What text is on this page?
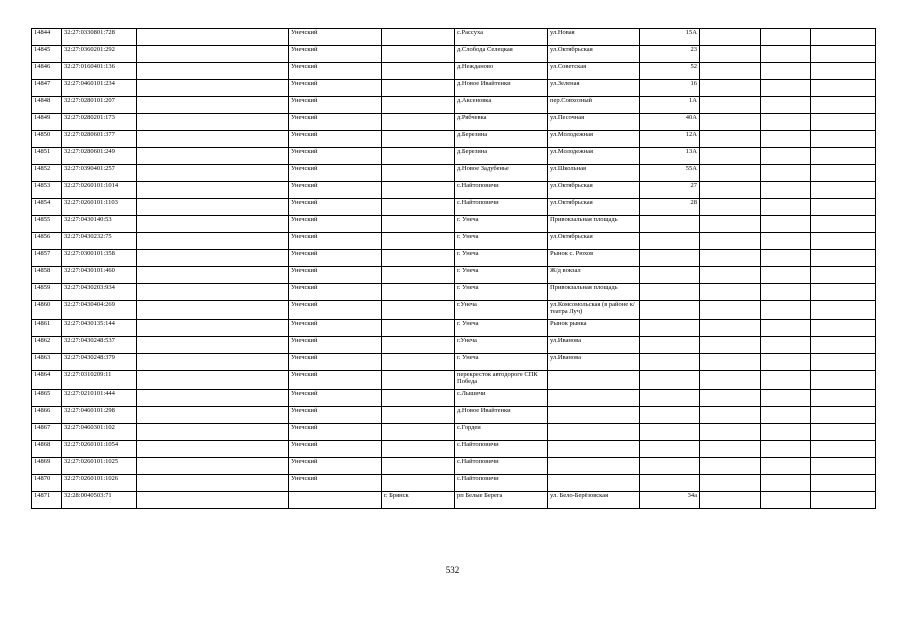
14844	32:27:0330801:728		Унечский		с.Рассуха	ул.Новая	15А			
14845	32:27:0360201:292		Унечский		д.Слобода Селецкая	ул.Октябрьская	23			
14846	32:27:0160401:136		Унечский		д.Нежданово	ул.Советская	52			
14847	32:27:0460101:234		Унечский		д.Новое Ивайтенки	ул.Зеленая	16			
14848	32:27:0280101:207		Унечский		д.Аксеновка	пер.Совхозный	1А			
14849	32:27:0280201:173		Унечский		д.Рябчевка	ул.Песочная	40А			
14850	32:27:0280601:377		Унечский		д.Березина	ул.Молодежная	12А			
14851	32:27:0280601:249		Унечский		д.Березина	ул.Молодежная	13А			
14852	32:27:0390401:257		Унечский		д.Новое Задубенье	ул.Школьная	55А			
14853	32:27:0260101:1014		Унечский		с.Найтоповичи	ул.Октябрьская	27			
14854	32:27:0260101:1103		Унечский		с.Найтоповичи	ул.Октябрьская	28			
14855	32:27:0430140:53		Унечский		г. Унеча	Привокзальная площадь				
14856	32:27:0430232:75		Унечский		г. Унеча	ул.Октябрьская				
14857	32:27:0300101:358		Унечский		г. Унеча	Рынок с. Рюхов				
14858	32:27:0430101:460		Унечский		г. Унеча	Ж/д вокзал				
14859	32:27:0430203:934		Унечский		г. Унеча	Привокзальная площадь				
14860	32:27:0430404:269		Унечский		г.Унеча	ул.Комсомольская (в районе к/театра Луч)				
14861	32:27:0430135:144		Унечский		г. Унеча	Рынок рынка				
14862	32:27:0430248:537		Унечский		г.Унеча	ул.Иванова				
14863	32:27:0430248:379		Унечский		г. Унеча	ул.Иванова				
14864	32:27:0310209:11		Унечский		перекресток автодороге СПК Победа					
14865	32:27:0210101:444		Унечский		с.Лышичи					
14866	32:27:0460101:298		Унечский		д.Новое Ивайтенки					
14867	32:27:0460301:102		Унечский		с.Гордеи					
14868	32:27:0260101:1054		Унечский		с.Найтоповичи					
14869	32:27:0260101:1025		Унечский		с.Найтоповичи					
14870	32:27:0260101:1026		Унечский		с.Найтоповичи					
14871	32:28:0040503:71			г. Брянск	рп Белые Берега	ул. Бело-Берёзовская	34а			
532
